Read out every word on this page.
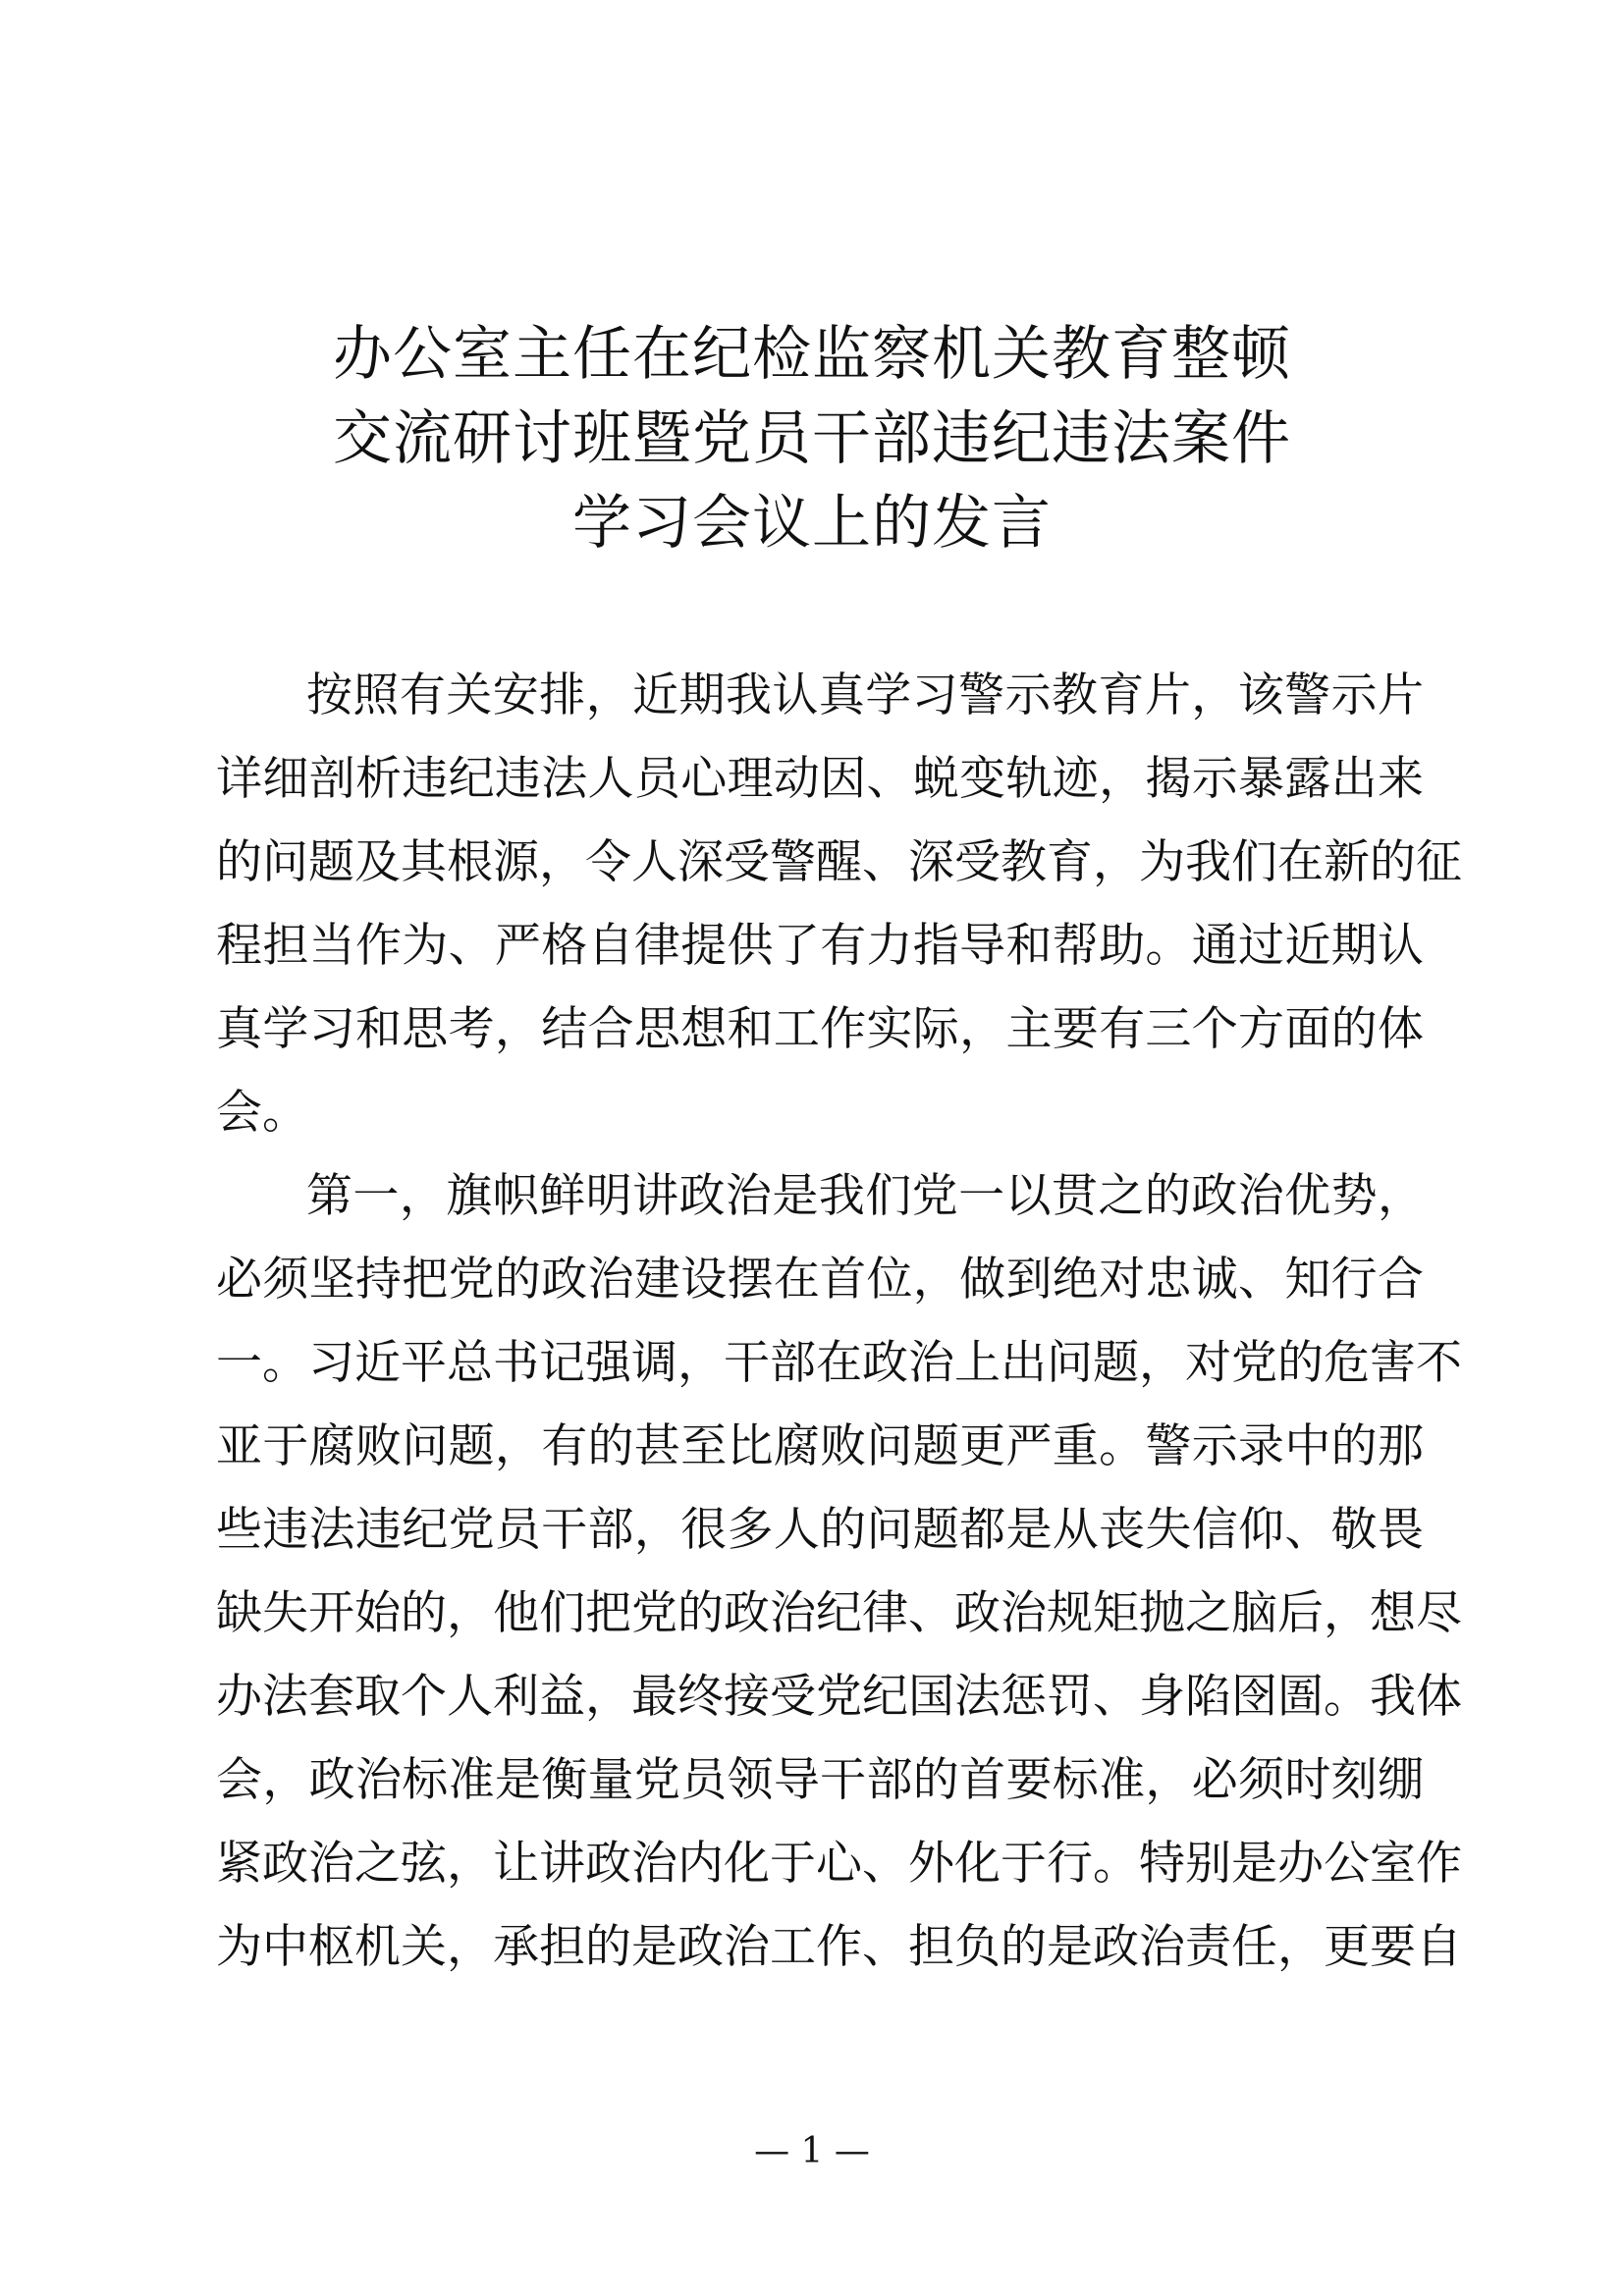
办公室主任在纪检监察机关教育整顿
交流研讨班暨党员干部违纪违法案件
学习会议上的发言
按照有关安排，近期我认真学习警示教育片，该警示片
详细剖析违纪违法人员心理动因、蜕变轨迹，揭示暴露出来
的问题及其根源，令人深受警醒、深受教育，为我们在新的征
程担当作为、严格自律提供了有力指导和帮助。通过近期认
真学习和思考，结合思想和工作实际，主要有三个方面的体
会。
第一，旗帜鲜明讲政治是我们党一以贯之的政治优势，
必须坚持把党的政治建设摆在首位，做到绝对忠诚、知行合
一。习近平总书记强调，干部在政治上出问题，对党的危害不
亚于腐败问题，有的甚至比腐败问题更严重。警示录中的那
些违法违纪党员干部，很多人的问题都是从丧失信仰、敬畏
缺失开始的，他们把党的政治纪律、政治规矩抛之脑后，想尽
办法套取个人利益，最终接受党纪国法惩罚、身陷囹圄。我体
会，政治标准是衡量党员领导干部的首要标准，必须时刻绷
紧政治之弦，让讲政治内化于心、外化于行。特别是办公室作
为中枢机关，承担的是政治工作、担负的是政治责任，更要自
— 1 —
